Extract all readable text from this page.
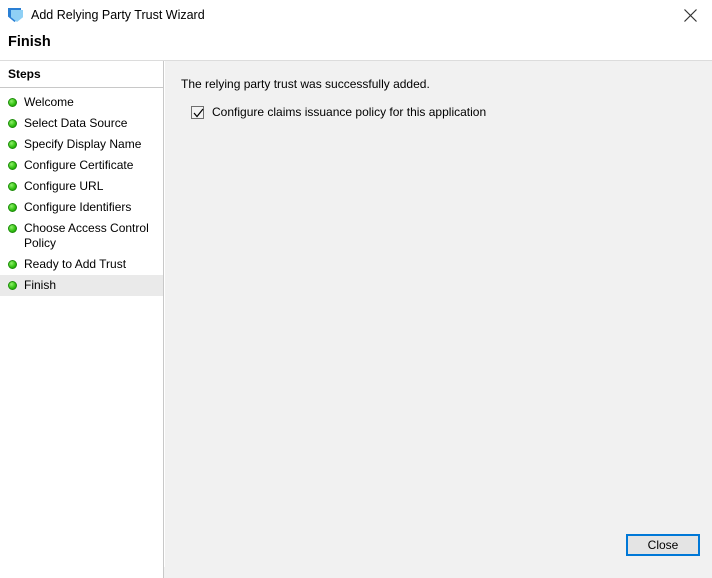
Add Relying Party Trust Wizard
Finish
Steps
Welcome
Select Data Source
Specify Display Name
Configure Certificate
Configure URL
Configure Identifiers
Choose Access Control Policy
Ready to Add Trust
Finish
The relying party trust was successfully added.
Configure claims issuance policy for this application
Close
